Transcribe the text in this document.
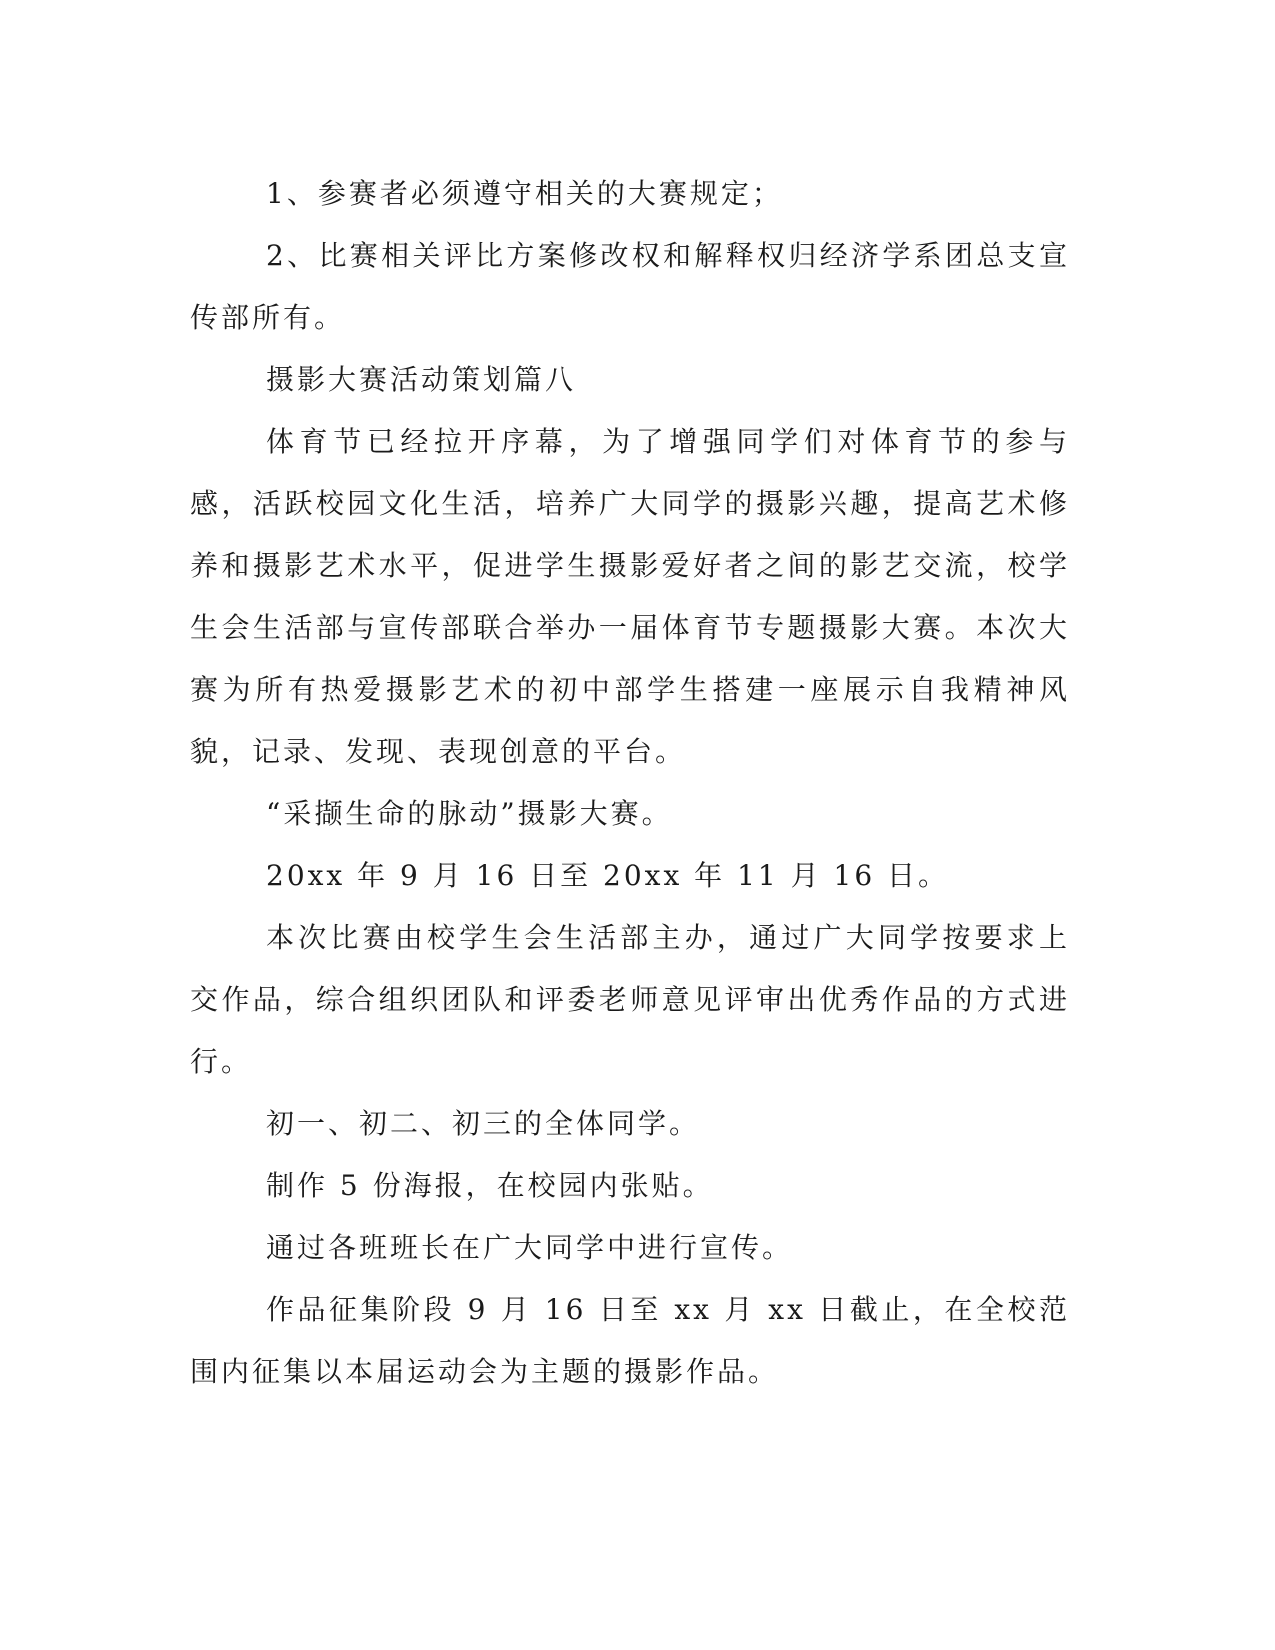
1、参赛者必须遵守相关的大赛规定；

2、比赛相关评比方案修改权和解释权归经济学系团总支宣传部所有。

摄影大赛活动策划篇八

体育节已经拉开序幕，为了增强同学们对体育节的参与感，活跃校园文化生活，培养广大同学的摄影兴趣，提高艺术修养和摄影艺术水平，促进学生摄影爱好者之间的影艺交流，校学生会生活部与宣传部联合举办一届体育节专题摄影大赛。本次大赛为所有热爱摄影艺术的初中部学生搭建一座展示自我精神风貌，记录、发现、表现创意的平台。

“采撷生命的脉动”摄影大赛。

20xx 年 9 月 16 日至 20xx 年 11 月 16 日。

本次比赛由校学生会生活部主办，通过广大同学按要求上交作品，综合组织团队和评委老师意见评审出优秀作品的方式进行。

初一、初二、初三的全体同学。

制作 5 份海报，在校园内张贴。

通过各班班长在广大同学中进行宣传。

作品征集阶段 9 月 16 日至 xx 月 xx 日截止，在全校范围内征集以本届运动会为主题的摄影作品。
